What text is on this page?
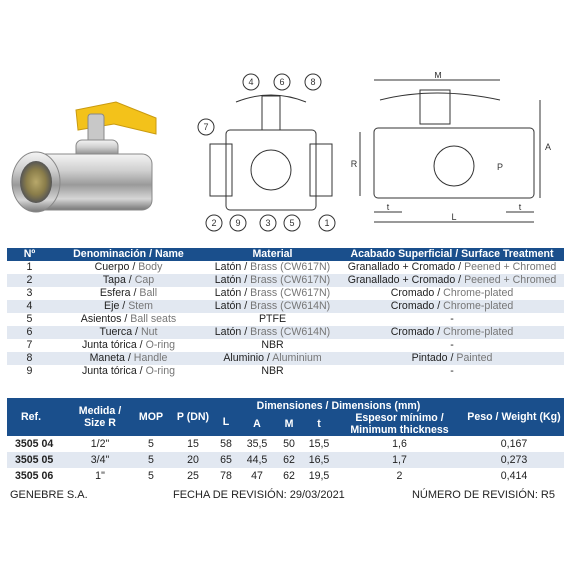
4	6	8
7
2 9	3 5	1
M
A
R	P
t	t
L
Nº	Denominación / Name	Material	Acabado Superficial / Surface Treatment
1	Cuerpo / Body	Latón / Brass (CW617N)	Granallado + Cromado / Peened + Chromed
2	Tapa / Cap	Latón / Brass (CW617N)	Granallado + Cromado / Peened + Chromed
3	Esfera / Ball	Latón / Brass (CW617N)	Cromado / Chrome-plated
4	Eje / Stem	Latón / Brass (CW614N)	Cromado / Chrome-plated
5	Asientos / Ball seats	PTFE	-
6	Tuerca / Nut	Latón / Brass (CW614N)	Cromado / Chrome-plated
7	Junta tórica / O-ring	NBR	-
8	Maneta / Handle	Aluminio / Aluminium	Pintado / Painted
9	Junta tórica / O-ring	NBR	-
Ref.	Medida / Size R	MOP	P (DN)	Dimensiones / Dimensions (mm)					Peso / Weight (Kg)
				L	A	M	t	Espesor mínimo / Minimum thickness	
3505 04	1/2"	5	15	58	35,5	50	15,5	1,6	0,167
3505 05	3/4"	5	20	65	44,5	62	16,5	1,7	0,273
3505 06	1"	5	25	78	47	62	19,5	2	0,414
GENEBRE S.A.	FECHA DE REVISIÓN: 29/03/2021	NÚMERO DE REVISIÓN: R5
